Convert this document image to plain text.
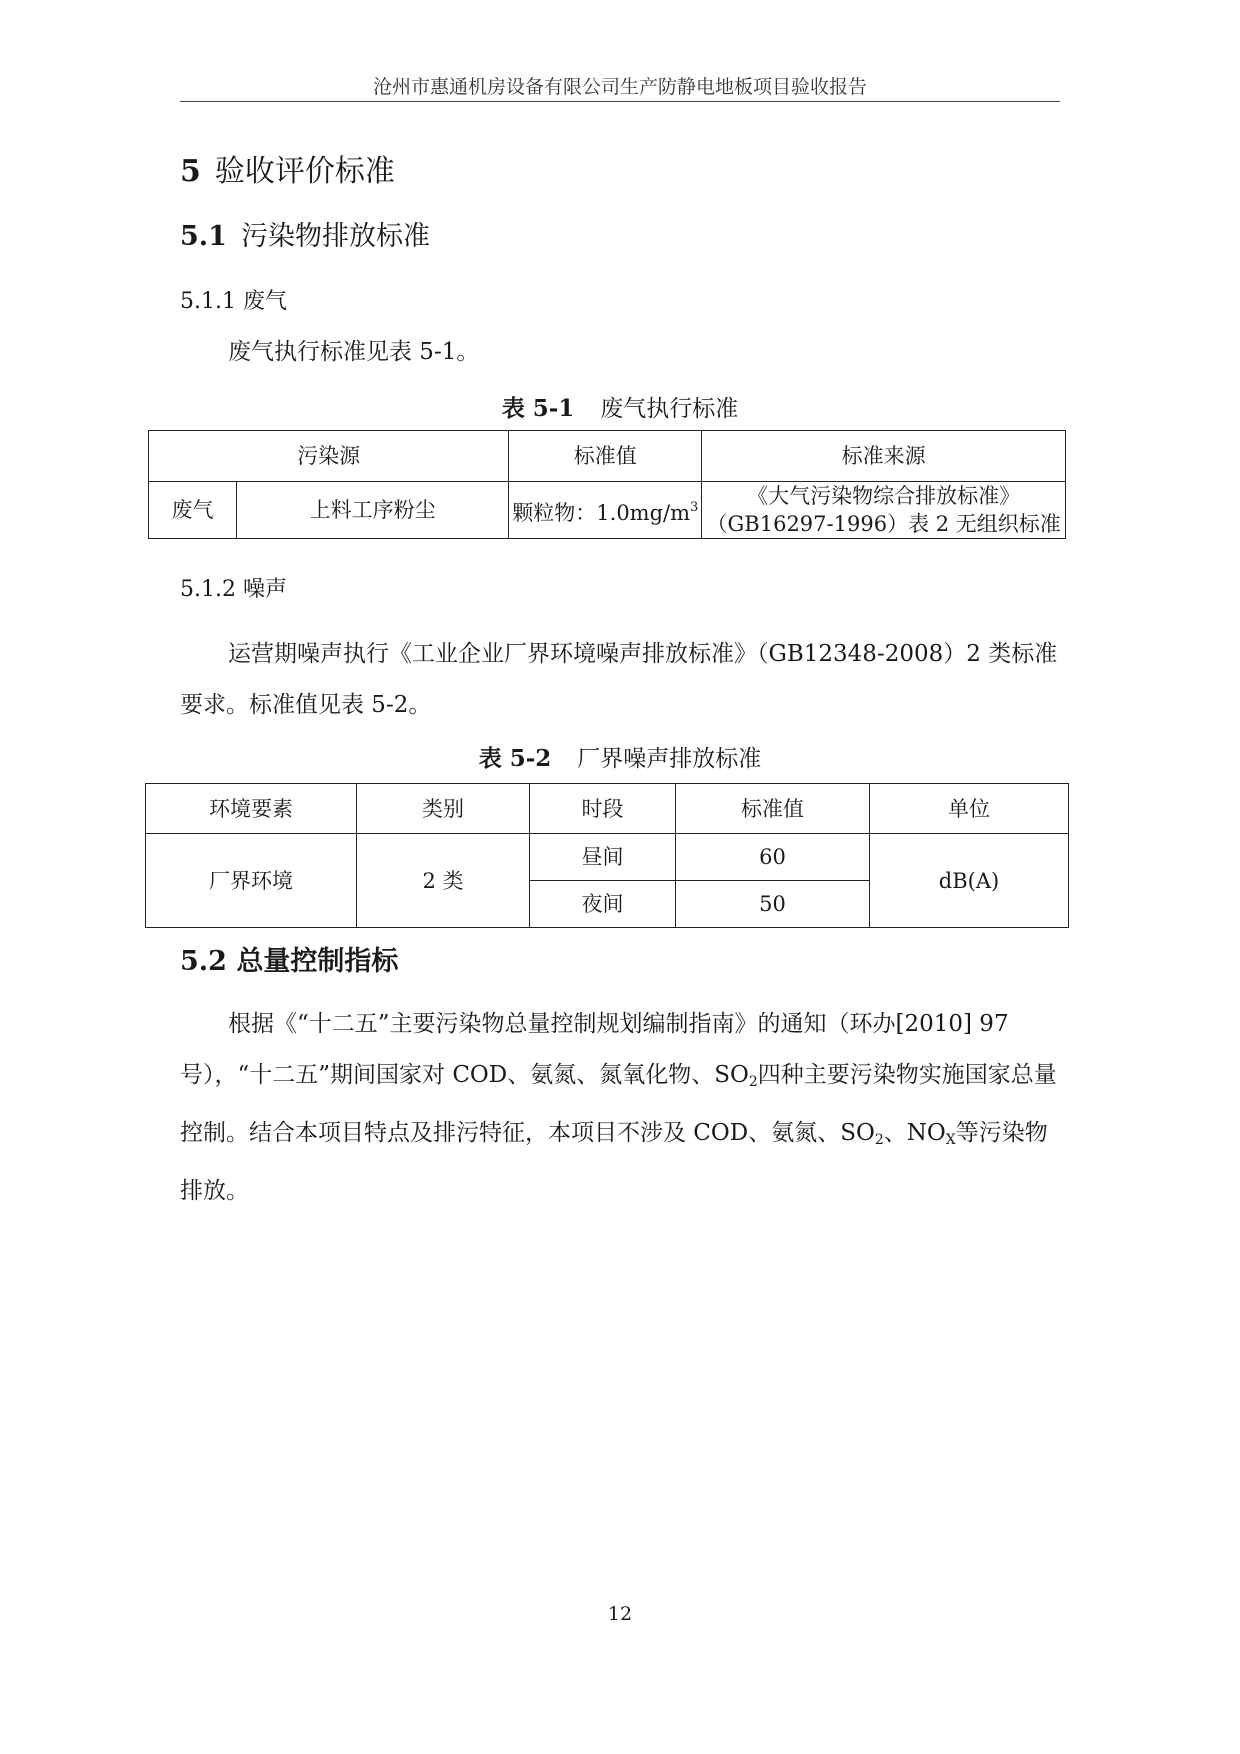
沧州市惠通机房设备有限公司生产防静电地板项目验收报告
5 验收评价标准
5.1 污染物排放标准
5.1.1 废气
废气执行标准见表 5-1。
表 5-1 废气执行标准
污染源		标准值	标准来源
废气	上料工序粉尘	颗粒物：$1.0mg/m^3$	《大气污染物综合排放标准》
（GB16297-1996）表 2 无组织标准
5.1.2 噪声
运营期噪声执行《工业企业厂界环境噪声排放标准》（GB12348-2008）2 类标准要求。标准值见表 5-2。
表 5-2 厂界噪声排放标准
环境要素	类别	时段	标准值	单位
厂界环境	2 类	昼间	60	dB(A)
		夜间	50	
5.2 总量控制指标
根据《“十二五”主要污染物总量控制规划编制指南》的通知（环办[2010] 97 号），“十二五”期间国家对 COD、氨氮、氮氧化物、$SO_2$四种主要污染物实施国家总量控制。结合本项目特点及排污特征，本项目不涉及 COD、氨氮、$SO_2$、$NO_X$等污染物排放。
12
